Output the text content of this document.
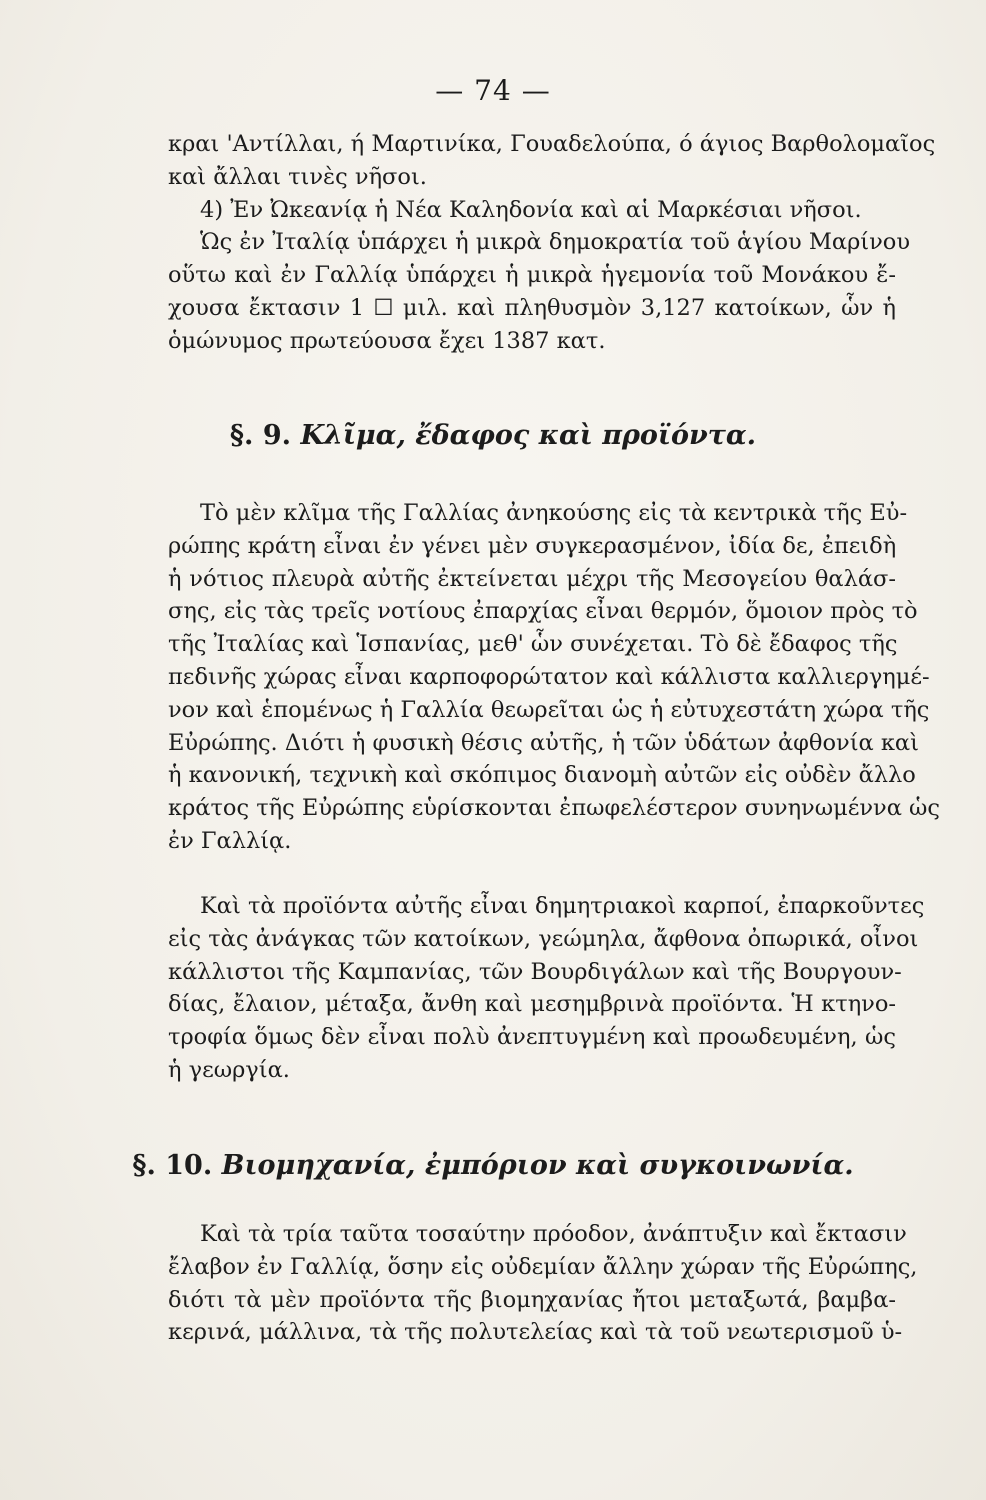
— 74 —
κραι 'Αντίλλαι, ή Μαρτινίκα, Γουαδελούπα, ό άγιος Βαρθολομαῖος
καὶ ἄλλαι τινὲς νῆσοι.
4) Ἐν Ὠκεανίᾳ ἡ Νέα Καληδονία καὶ αἱ Μαρκέσιαι νῆσοι.
Ὡς ἐν Ἰταλίᾳ ὑπάρχει ἡ μικρὰ δημοκρατία τοῦ ἁγίου Μαρίνου
οὕτω καὶ ἐν Γαλλίᾳ ὑπάρχει ἡ μικρὰ ἡγεμονία τοῦ Μονάκου ἔ-
χουσα ἔκτασιν 1 ☐ μιλ. καὶ πληθυσμὸν 3,127 κατοίκων, ὧν ἡ
ὁμώνυμος πρωτεύουσα ἔχει 1387 κατ.
§. 9. Κλῖμα, ἔδαφος καὶ προϊόντα.
Τὸ μὲν κλῖμα τῆς Γαλλίας ἀνηκούσης εἰς τὰ κεντρικὰ τῆς Εὐ-
ρώπης κράτη εἶναι ἐν γένει μὲν συγκερασμένον, ἰδία δε, ἐπειδὴ
ἡ νότιος πλευρὰ αὐτῆς ἐκτείνεται μέχρι τῆς Μεσογείου θαλάσ-
σης, εἰς τὰς τρεῖς νοτίους ἐπαρχίας εἶναι θερμόν, ὅμοιον πρὸς τὸ
τῆς Ἰταλίας καὶ Ἱσπανίας, μεθ' ὧν συνέχεται. Τὸ δὲ ἔδαφος τῆς
πεδινῆς χώρας εἶναι καρποφορώτατον καὶ κάλλιστα καλλιεργημέ-
νον καὶ ἑπομένως ἡ Γαλλία θεωρεῖται ὡς ἡ εὐτυχεστάτη χώρα τῆς
Εὐρώπης. Διότι ἡ φυσικὴ θέσις αὐτῆς, ἡ τῶν ὑδάτων ἀφθονία καὶ
ἡ κανονική, τεχνικὴ καὶ σκόπιμος διανομὴ αὐτῶν εἰς οὐδὲν ἄλλο
κράτος τῆς Εὐρώπης εὑρίσκονται ἐπωφελέστερον συνηνωμέννα ὡς
ἐν Γαλλίᾳ.
Καὶ τὰ προϊόντα αὐτῆς εἶναι δημητριακοὶ καρποί, ἐπαρκοῦντες
εἰς τὰς ἀνάγκας τῶν κατοίκων, γεώμηλα, ἄφθονα ὀπωρικά, οἶνοι
κάλλιστοι τῆς Καμπανίας, τῶν Βουρδιγάλων καὶ τῆς Βουργουν-
δίας, ἔλαιον, μέταξα, ἄνθη καὶ μεσημβρινὰ προϊόντα. Ἡ κτηνο-
τροφία ὅμως δὲν εἶναι πολὺ ἀνεπτυγμένη καὶ προωδευμένη, ὡς
ἡ γεωργία.
§. 10. Βιομηχανία, ἐμπόριον καὶ συγκοινωνία.
Καὶ τὰ τρία ταῦτα τοσαύτην πρόοδον, ἀνάπτυξιν καὶ ἔκτασιν
ἔλαβον ἐν Γαλλίᾳ, ὅσην εἰς οὐδεμίαν ἄλλην χώραν τῆς Εὐρώπης,
διότι τὰ μὲν προϊόντα τῆς βιομηχανίας ἤτοι μεταξωτά, βαμβα-
κερινά, μάλλινα, τὰ τῆς πολυτελείας καὶ τὰ τοῦ νεωτερισμοῦ ὑ-
